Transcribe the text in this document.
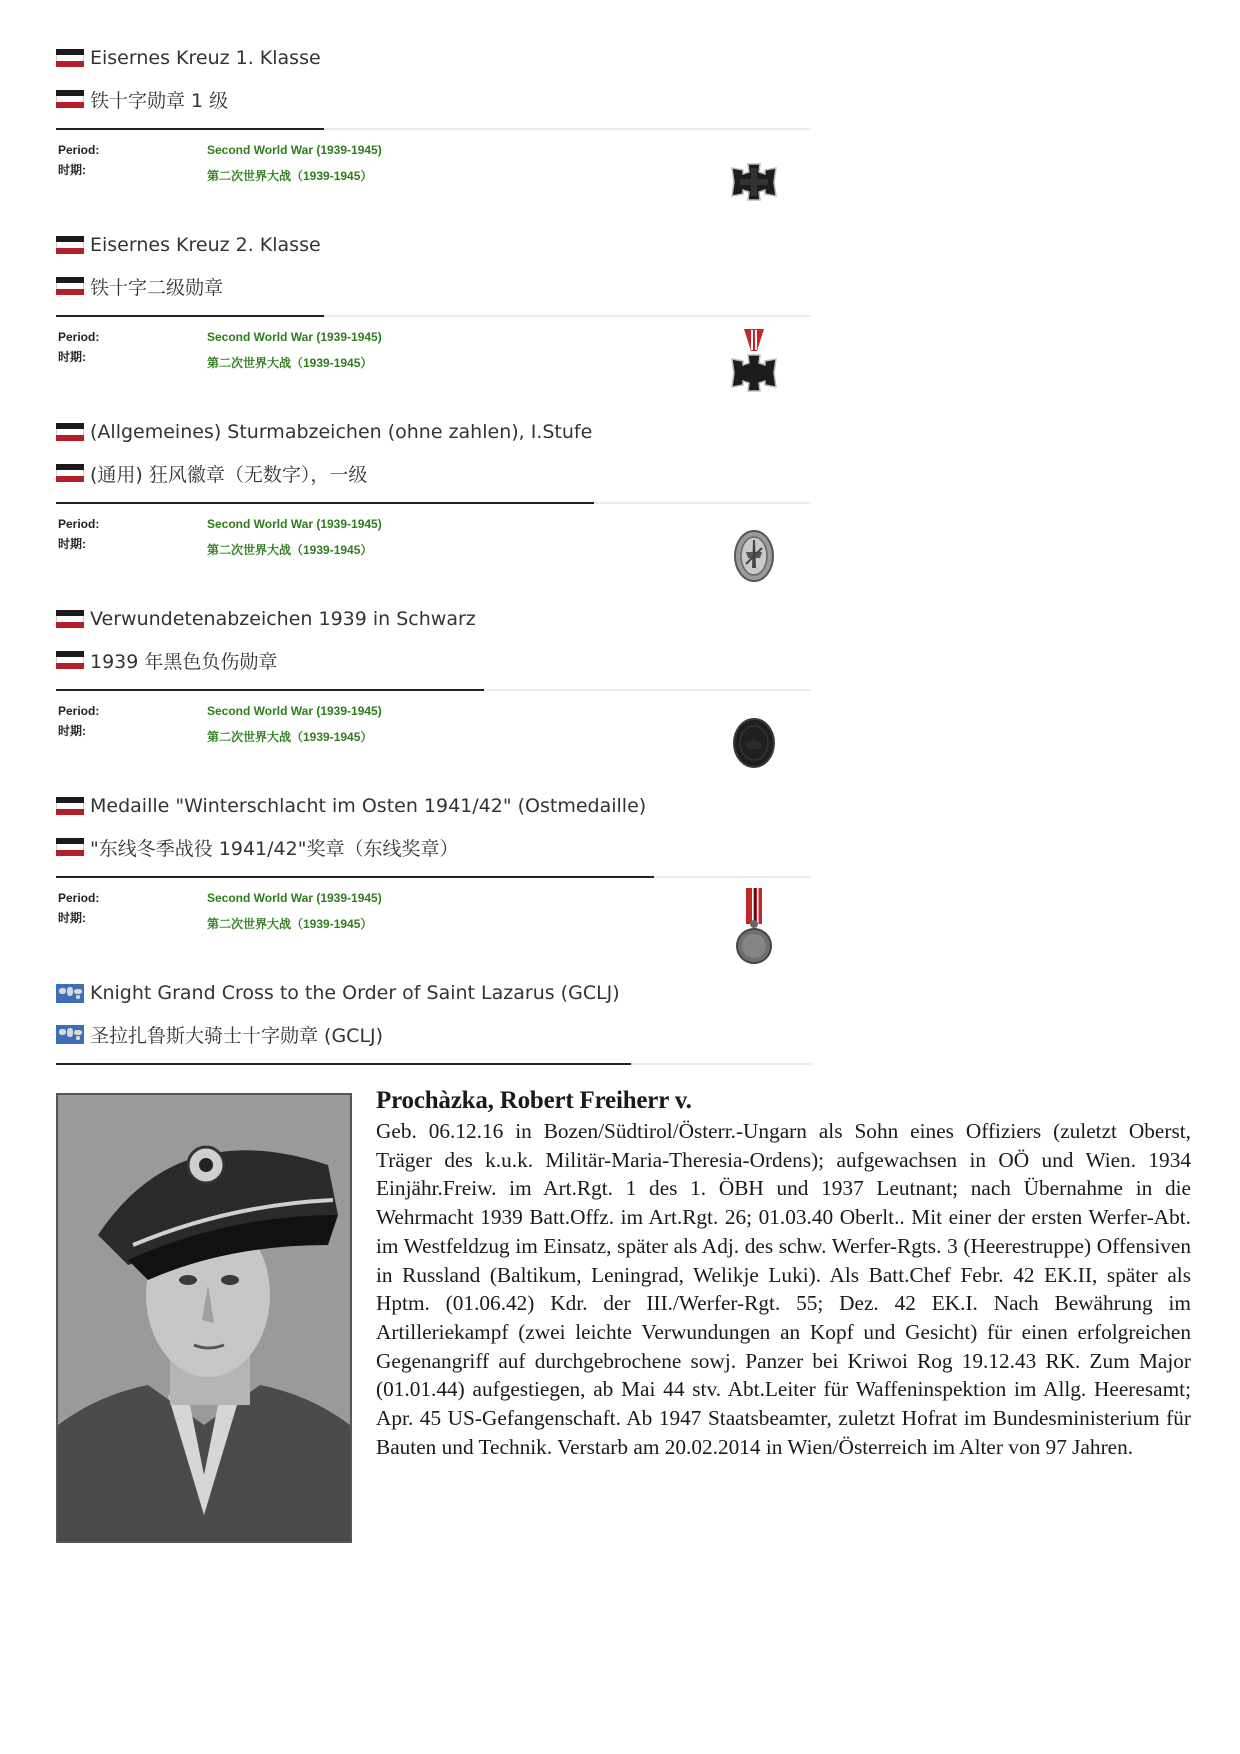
Eisernes Kreuz 1. Klasse
铁十字勋章 1 级
Period:
时期:
Second World War (1939-1945)
第二次世界大战（1939-1945）
Eisernes Kreuz 2. Klasse
铁十字二级勋章
Period:
时期:
Second World War (1939-1945)
第二次世界大战（1939-1945）
(Allgemeines) Sturmabzeichen (ohne zahlen), I.Stufe
(通用) 狂风徽章（无数字），一级
Period:
时期:
Second World War (1939-1945)
第二次世界大战（1939-1945）
Verwundetenabzeichen 1939 in Schwarz
1939 年黑色负伤勋章
Period:
时期:
Second World War (1939-1945)
第二次世界大战（1939-1945）
Medaille "Winterschlacht im Osten 1941/42" (Ostmedaille)
"东线冬季战役 1941/42"奖章（东线奖章）
Period:
时期:
Second World War (1939-1945)
第二次世界大战（1939-1945）
Knight Grand Cross to the Order of Saint Lazarus (GCLJ)
圣拉扎鲁斯大骑士十字勋章 (GCLJ)
Prochàzka, Robert Freiherr v.
Geb. 06.12.16 in Bozen/Südtirol/Österr.-Ungarn als Sohn eines Offiziers (zuletzt Oberst, Träger des k.u.k. Militär-Maria-Theresia-Ordens); aufgewachsen in OÖ und Wien. 1934 Einjähr.Freiw. im Art.Rgt. 1 des 1. ÖBH und 1937 Leutnant; nach Übernahme in die Wehrmacht 1939 Batt.Offz. im Art.Rgt. 26; 01.03.40 Oberlt.. Mit einer der ersten Werfer-Abt. im Westfeldzug im Einsatz, später als Adj. des schw. Werfer-Rgts. 3 (Heerestruppe) Offensiven in Russland (Baltikum, Leningrad, Welikje Luki). Als Batt.Chef Febr. 42 EK.II, später als Hptm. (01.06.42) Kdr. der III./Werfer-Rgt. 55; Dez. 42 EK.I. Nach Bewährung im Artilleriekampf (zwei leichte Verwundungen an Kopf und Gesicht) für einen erfolgreichen Gegenangriff auf durchgebrochene sowj. Panzer bei Kriwoi Rog 19.12.43 RK. Zum Major (01.01.44) aufgestiegen, ab Mai 44 stv. Abt.Leiter für Waffeninspektion im Allg. Heeresamt; Apr. 45 US-Gefangenschaft. Ab 1947 Staatsbeamter, zuletzt Hofrat im Bundesministerium für Bauten und Technik. Verstarb am 20.02.2014 in Wien/Österreich im Alter von 97 Jahren.
